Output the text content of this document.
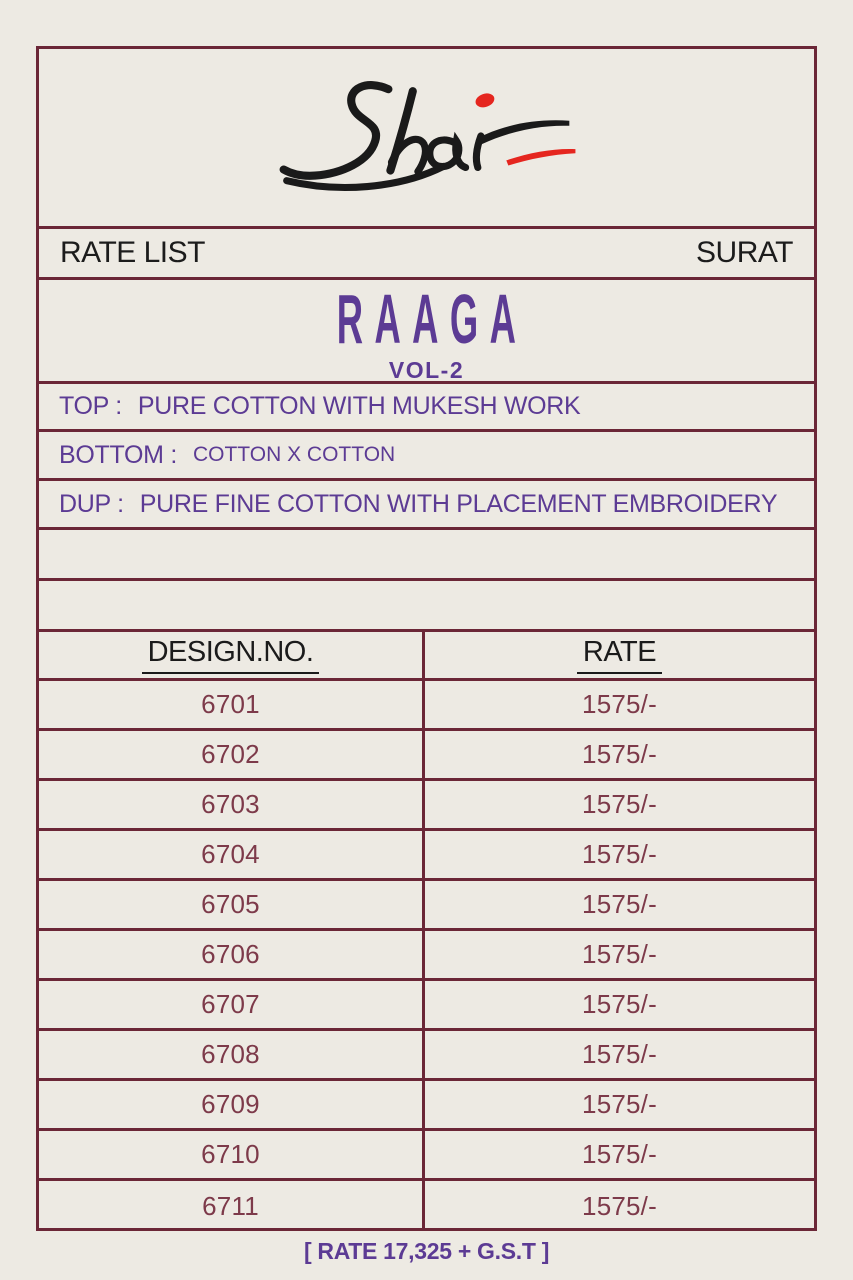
RATE LIST	SURAT
RAAGA
VOL-2
TOP : PURE COTTON WITH MUKESH WORK
BOTTOM : COTTON X COTTON
DUP : PURE FINE COTTON WITH PLACEMENT EMBROIDERY
DESIGN.NO.	RATE
6701	1575/-
6702	1575/-
6703	1575/-
6704	1575/-
6705	1575/-
6706	1575/-
6707	1575/-
6708	1575/-
6709	1575/-
6710	1575/-
6711	1575/-
[ RATE 17,325 + G.S.T ]
